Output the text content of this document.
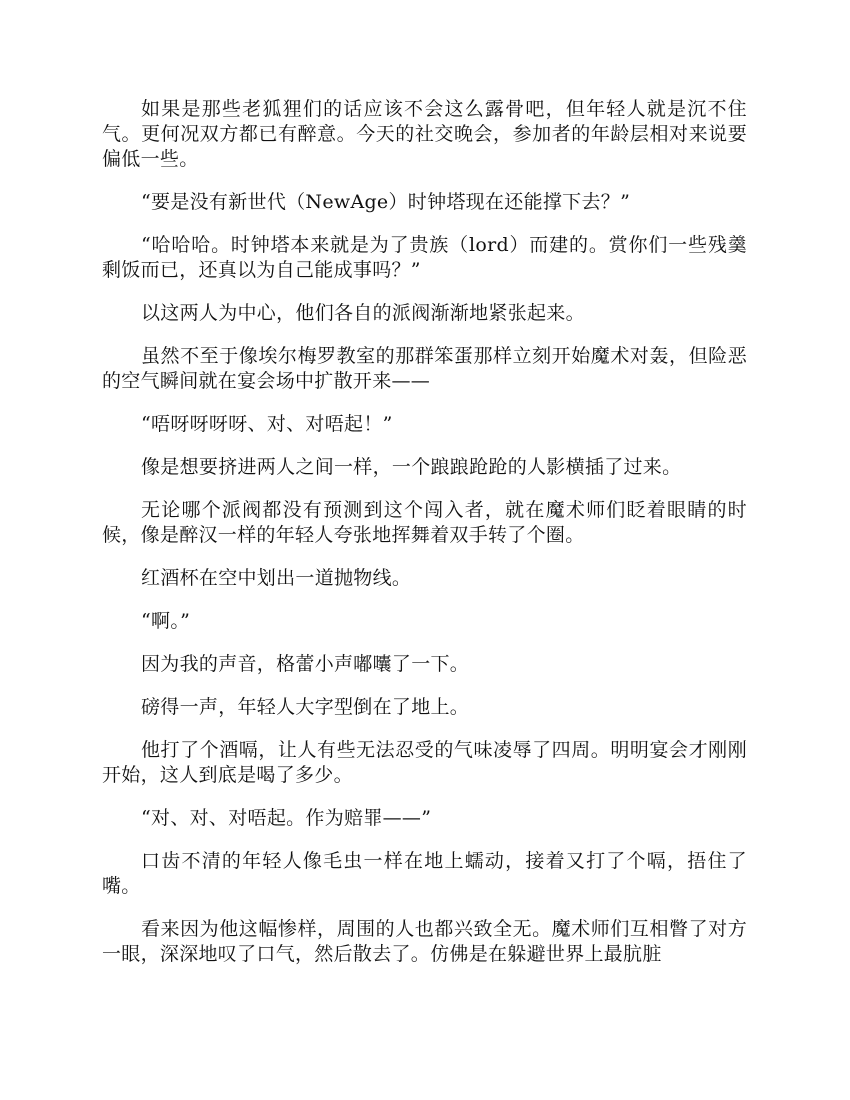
如果是那些老狐狸们的话应该不会这么露骨吧，但年轻人就是沉不住气。更何况双方都已有醉意。今天的社交晚会，参加者的年龄层相对来说要偏低一些。

“要是没有新世代（NewAge）时钟塔现在还能撑下去？”

“哈哈哈。时钟塔本来就是为了贵族（lord）而建的。赏你们一些残羹剩饭而已，还真以为自己能成事吗？”

以这两人为中心，他们各自的派阀渐渐地紧张起来。

虽然不至于像埃尔梅罗教室的那群笨蛋那样立刻开始魔术对轰，但险恶的空气瞬间就在宴会场中扩散开来——

“唔呀呀呀呀、对、对唔起！”

像是想要挤进两人之间一样，一个踉踉跄跄的人影横插了过来。

无论哪个派阀都没有预测到这个闯入者，就在魔术师们眨着眼睛的时候，像是醉汉一样的年轻人夸张地挥舞着双手转了个圈。

红酒杯在空中划出一道抛物线。

“啊。”

因为我的声音，格蕾小声嘟囔了一下。

磅得一声，年轻人大字型倒在了地上。

他打了个酒嗝，让人有些无法忍受的气味凌辱了四周。明明宴会才刚刚开始，这人到底是喝了多少。

“对、对、对唔起。作为赔罪——”

口齿不清的年轻人像毛虫一样在地上蠕动，接着又打了个嗝，捂住了嘴。

看来因为他这幅惨样，周围的人也都兴致全无。魔术师们互相瞥了对方一眼，深深地叹了口气，然后散去了。仿佛是在躲避世界上最肮脏
